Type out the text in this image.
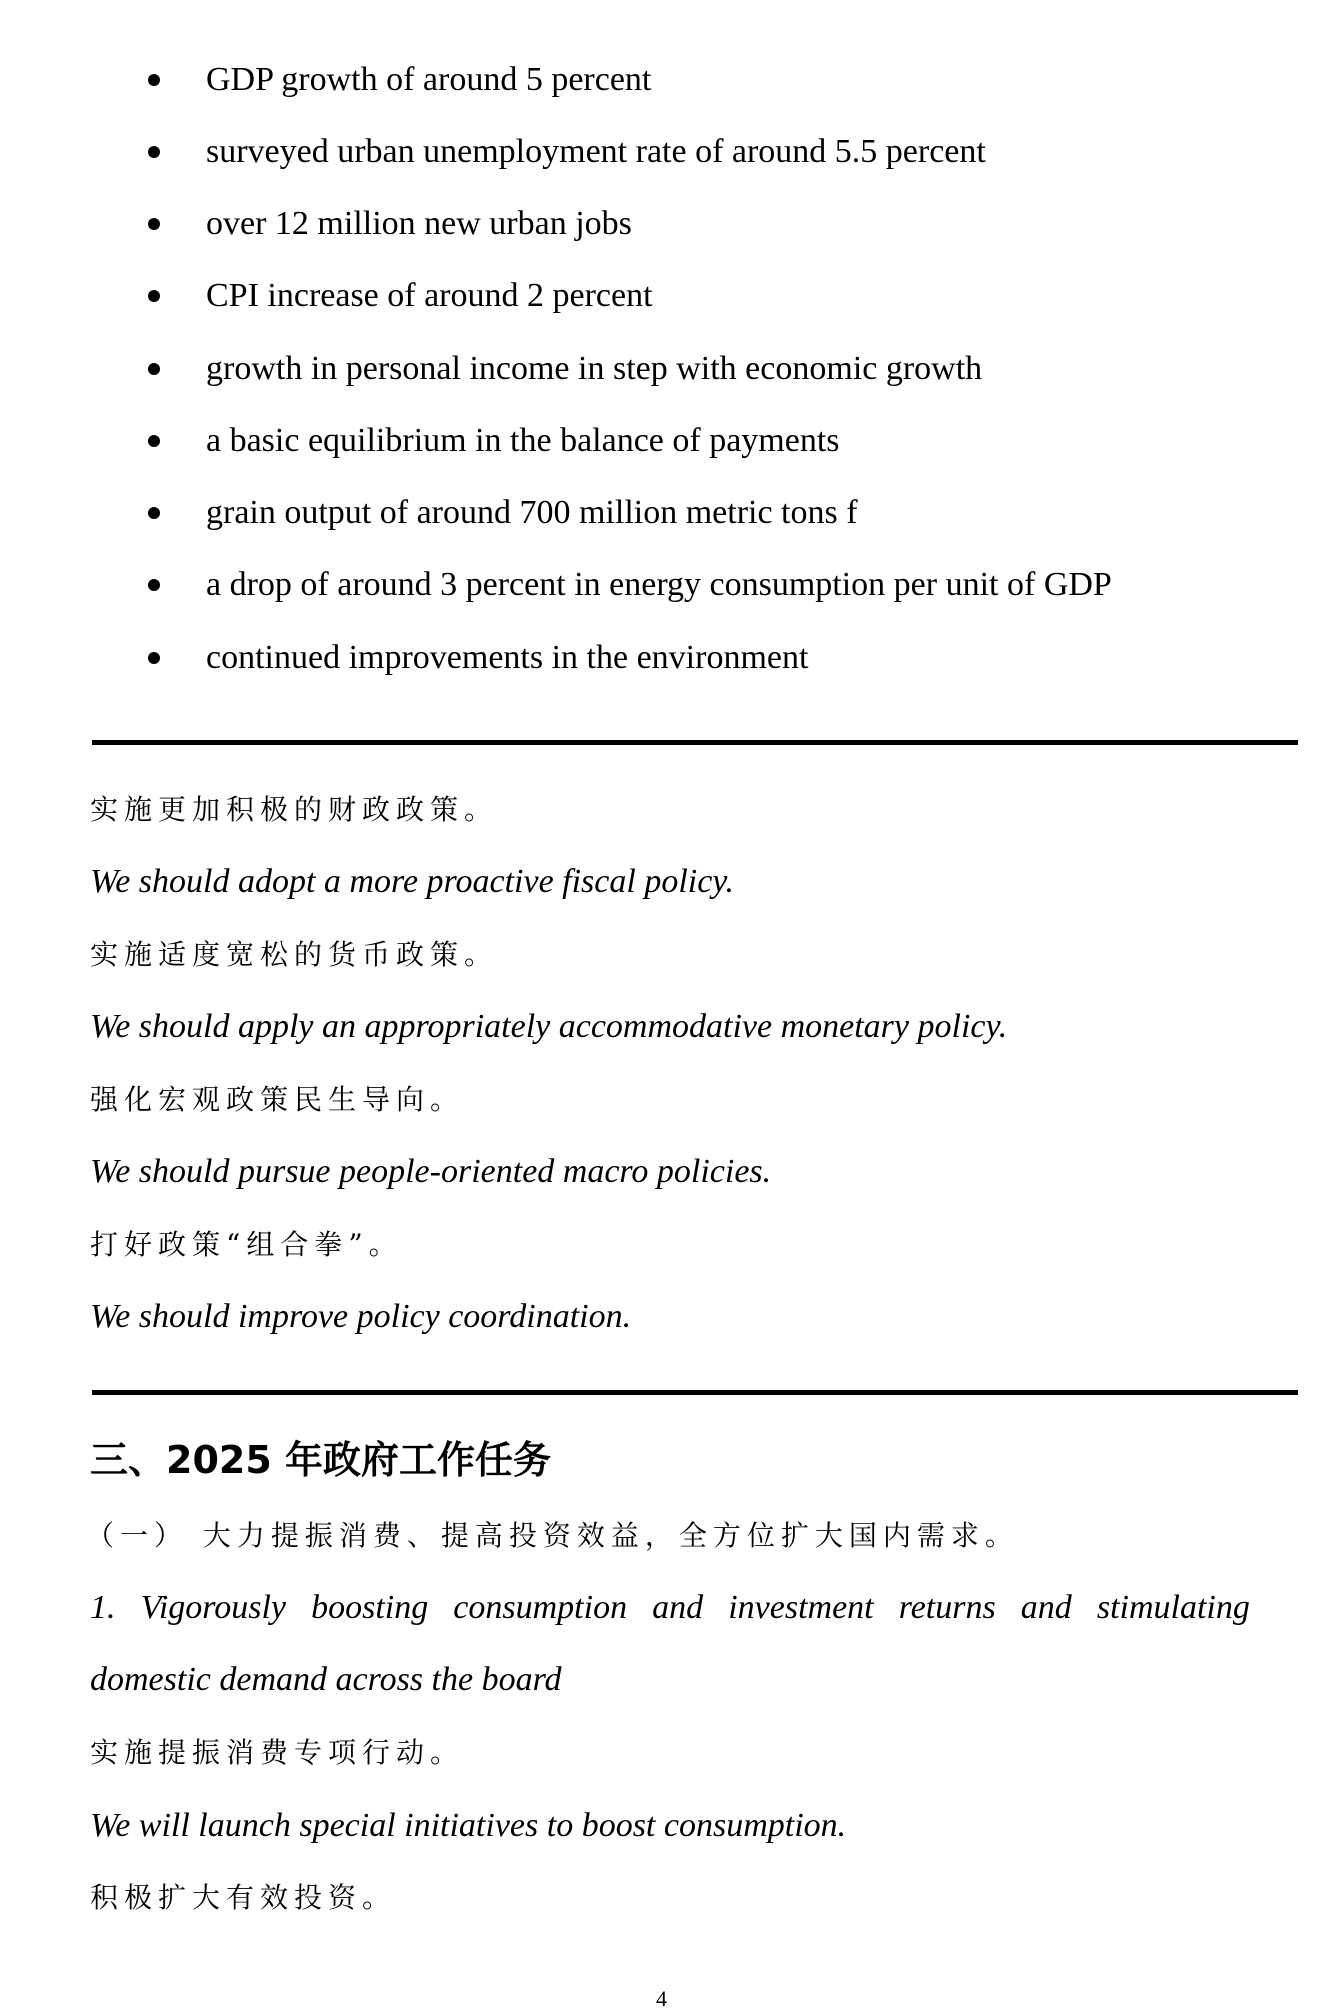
GDP growth of around 5 percent
surveyed urban unemployment rate of around 5.5 percent
over 12 million new urban jobs
CPI increase of around 2 percent
growth in personal income in step with economic growth
a basic equilibrium in the balance of payments
grain output of around 700 million metric tons f
a drop of around 3 percent in energy consumption per unit of GDP
continued improvements in the environment
实施更加积极的财政政策。
We should adopt a more proactive fiscal policy.
实施适度宽松的货币政策。
We should apply an appropriately accommodative monetary policy.
强化宏观政策民生导向。
We should pursue people-oriented macro policies.
打好政策“组合拳”。
We should improve policy coordination.
三、2025 年政府工作任务
（一） 大力提振消费、提高投资效益，全方位扩大国内需求。
1. Vigorously boosting consumption and investment returns and stimulating
domestic demand across the board
实施提振消费专项行动。
We will launch special initiatives to boost consumption.
积极扩大有效投资。
4
